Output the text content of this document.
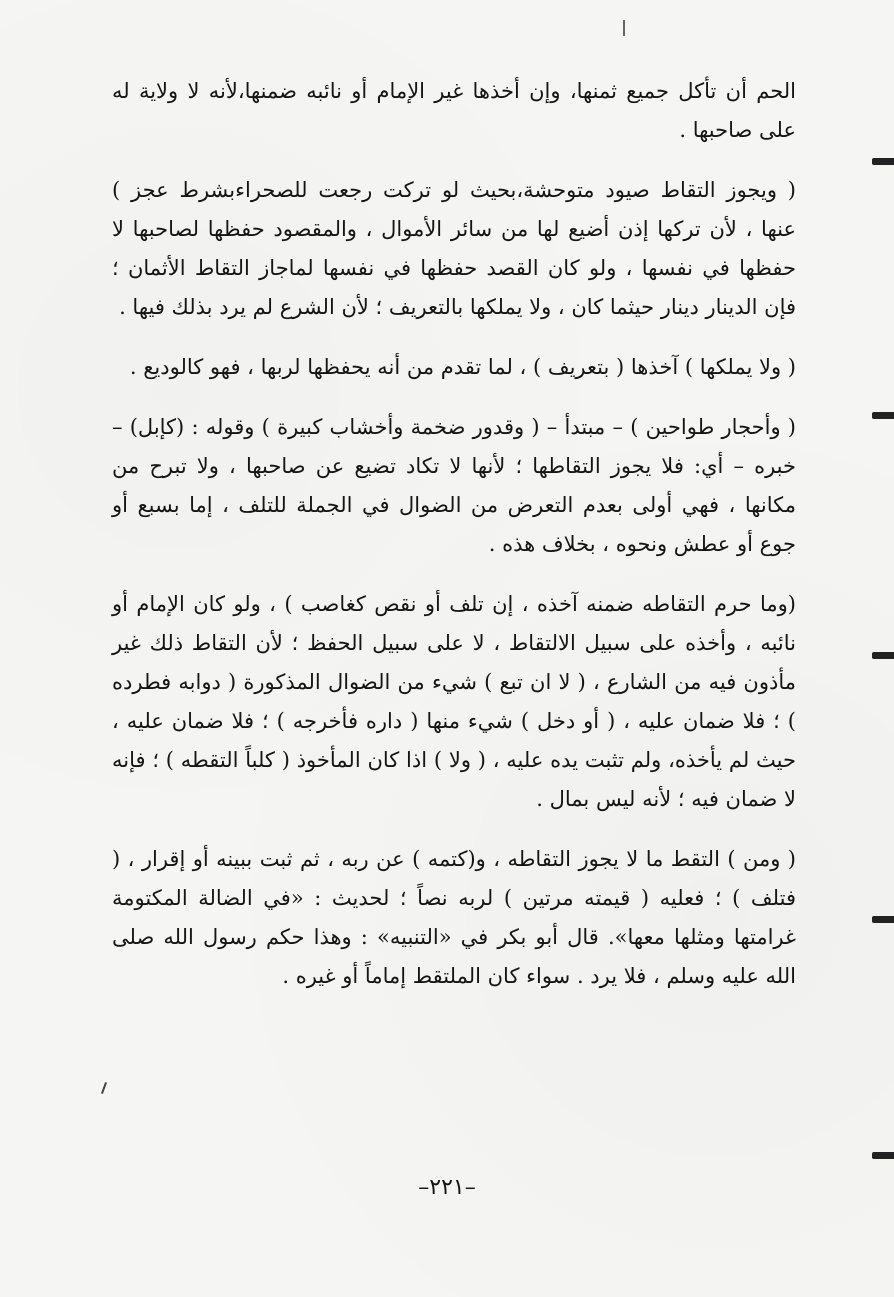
الحم أن تأكل جميع ثمنها، وإن أخذها غير الإمام أو نائبه ضمنها،لأنه لا ولاية له على صاحبها .

( ويجوز التقاط صيود متوحشة،بحيث لو تركت رجعت للصحراءبشرط عجز ) عنها ، لأن تركها إذن أضيع لها من سائر الأموال ، والمقصود حفظها لصاحبها لا حفظها في نفسها ، ولو كان القصد حفظها في نفسها لماجاز التقاط الأثمان ؛ فإن الدينار دينار حيثما كان ، ولا يملكها بالتعريف ؛ لأن الشرع لم يرد بذلك فيها .

( ولا يملكها ) آخذها ( بتعريف ) ، لما تقدم من أنه يحفظها لربها ، فهو كالوديع .

( وأحجار طواحين ) – مبتدأ – ( وقدور ضخمة وأخشاب كبيرة ) وقوله : (كإبل) – خبره – أي: فلا يجوز التقاطها ؛ لأنها لا تكاد تضيع عن صاحبها ، ولا تبرح من مكانها ، فهي أولى بعدم التعرض من الضوال في الجملة للتلف ، إما بسبع أو جوع أو عطش ونحوه ، بخلاف هذه .

(وما حرم التقاطه ضمنه آخذه ، إن تلف أو نقص كغاصب ) ، ولو كان الإمام أو نائبه ، وأخذه على سبيل الالتقاط ، لا على سبيل الحفظ ؛ لأن التقاط ذلك غير مأذون فيه من الشارع ، ( لا ان تبع ) شيء من الضوال المذكورة ( دوابه فطرده ) ؛ فلا ضمان عليه ، ( أو دخل ) شيء منها ( داره فأخرجه ) ؛ فلا ضمان عليه ، حيث لم يأخذه، ولم تثبت يده عليه ، ( ولا ) اذا كان المأخوذ ( كلباً التقطه ) ؛ فإنه لا ضمان فيه ؛ لأنه ليس بمال .

( ومن ) التقط ما لا يجوز التقاطه ، و(كتمه ) عن ربه ، ثم ثبت ببينه أو إقرار ، ( فتلف ) ؛ فعليه ( قيمته مرتين ) لربه نصاً ؛ لحديث : «في الضالة المكتومة غرامتها ومثلها معها». قال أبو بكر في «التنبيه» : وهذا حكم رسول الله صلى الله عليه وسلم ، فلا يرد . سواء كان الملتقط إماماً أو غيره .

–٢٢١–
